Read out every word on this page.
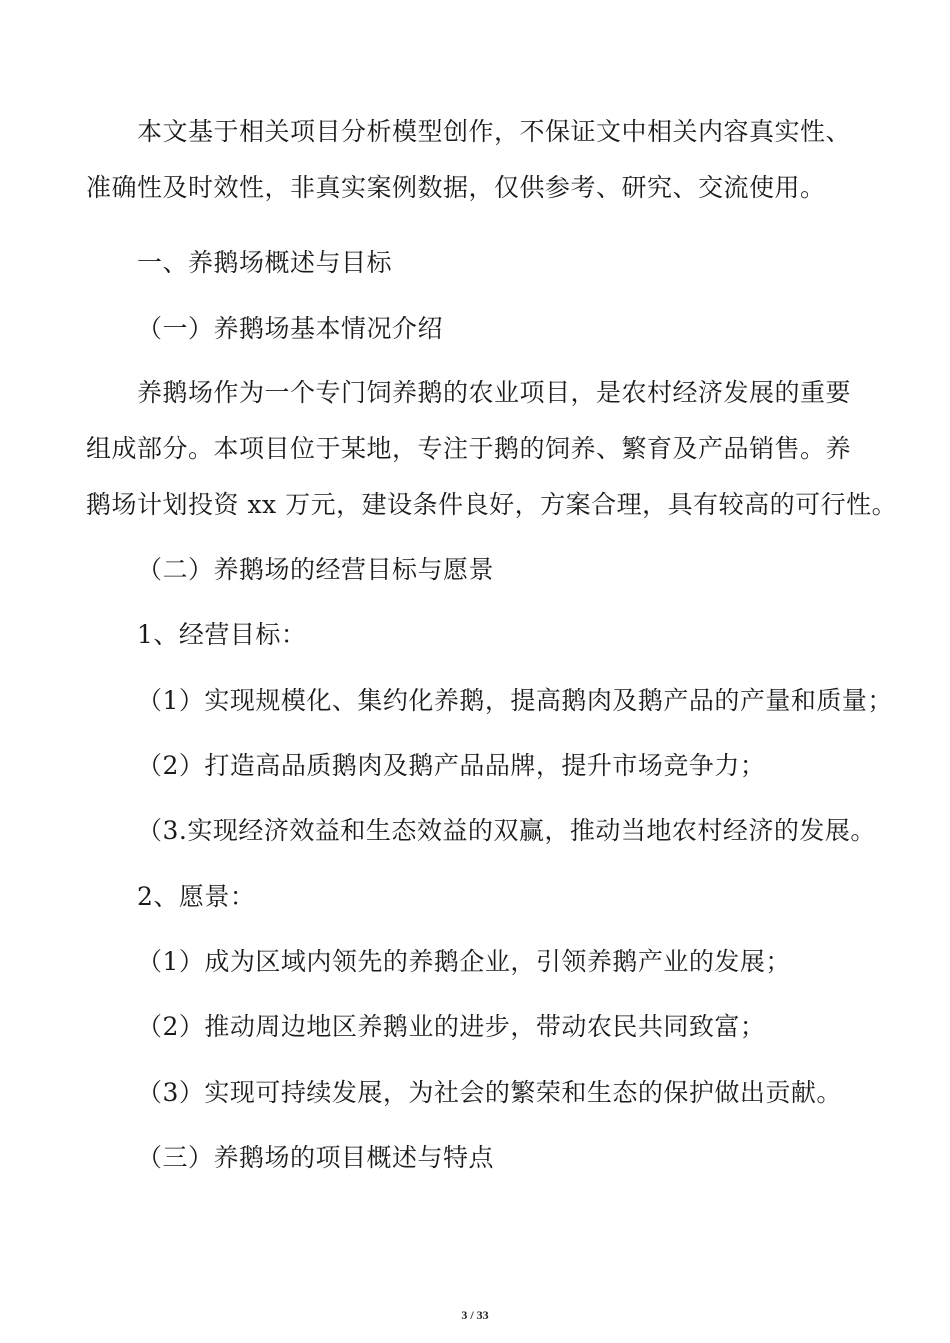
本文基于相关项目分析模型创作，不保证文中相关内容真实性、
准确性及时效性，非真实案例数据，仅供参考、研究、交流使用。
一、养鹅场概述与目标
（一）养鹅场基本情况介绍
养鹅场作为一个专门饲养鹅的农业项目，是农村经济发展的重要
组成部分。本项目位于某地，专注于鹅的饲养、繁育及产品销售。养
鹅场计划投资 xx 万元，建设条件良好，方案合理，具有较高的可行性。
（二）养鹅场的经营目标与愿景
1、经营目标：
（1）实现规模化、集约化养鹅，提高鹅肉及鹅产品的产量和质量；
（2）打造高品质鹅肉及鹅产品品牌，提升市场竞争力；
（3.实现经济效益和生态效益的双赢，推动当地农村经济的发展。
2、愿景：
（1）成为区域内领先的养鹅企业，引领养鹅产业的发展；
（2）推动周边地区养鹅业的进步，带动农民共同致富；
（3）实现可持续发展，为社会的繁荣和生态的保护做出贡献。
（三）养鹅场的项目概述与特点
3 / 33
